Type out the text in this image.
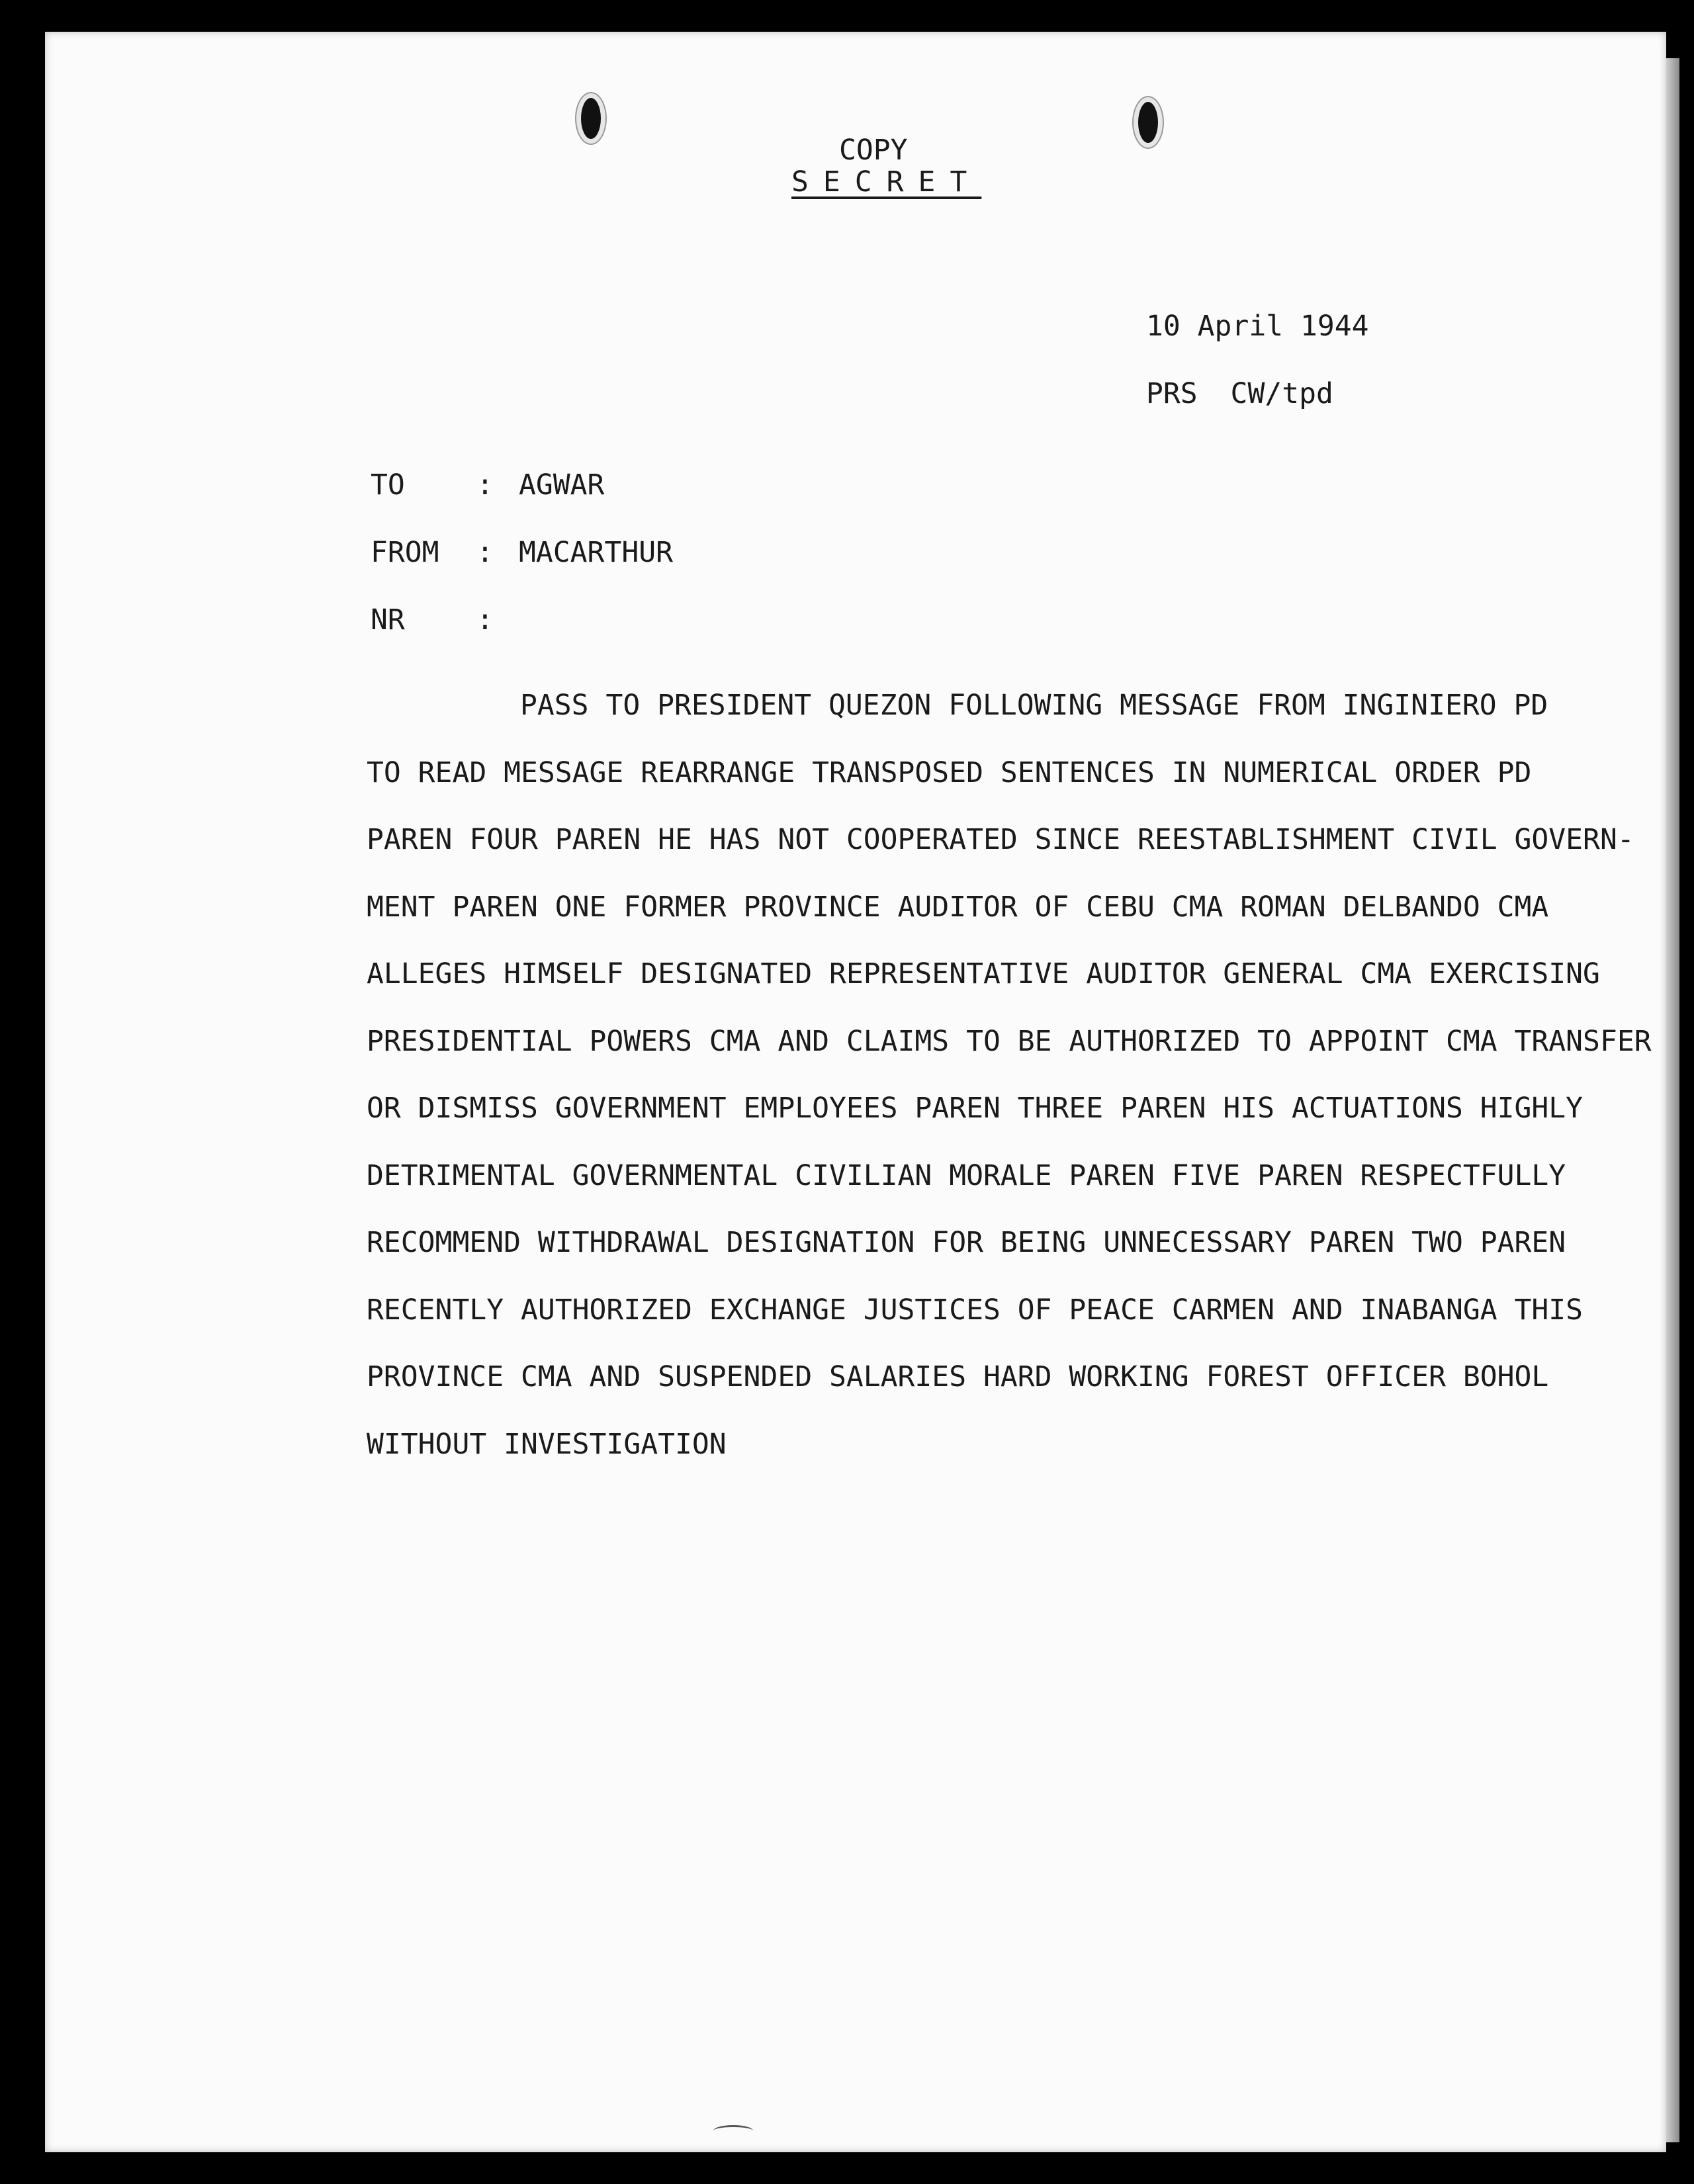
COPY

SECRET

10 April 1944

PRS CW/tpd

TO	: AGWAR

FROM : MACARTHUR

NR	:

PASS TO PRESIDENT QUEZON FOLLOWING MESSAGE FROM INGINIERO PD
TO READ MESSAGE REARRANGE TRANSPOSED SENTENCES IN NUMERICAL ORDER PD
PAREN FOUR PAREN HE HAS NOT COOPERATED SINCE REESTABLISHMENT CIVIL GOVERN-
MENT PAREN ONE FORMER PROVINCE AUDITOR OF CEBU CMA ROMAN DELBANDO CMA
ALLEGES HIMSELF DESIGNATED REPRESENTATIVE AUDITOR GENERAL CMA EXERCISING
PRESIDENTIAL POWERS CMA AND CLAIMS TO BE AUTHORIZED TO APPOINT CMA TRANSFER
OR DISMISS GOVERNMENT EMPLOYEES PAREN THREE PAREN HIS ACTUATIONS HIGHLY
DETRIMENTAL GOVERNMENTAL CIVILIAN MORALE PAREN FIVE PAREN RESPECTFULLY
RECOMMEND WITHDRAWAL DESIGNATION FOR BEING UNNECESSARY PAREN TWO PAREN
RECENTLY AUTHORIZED EXCHANGE JUSTICES OF PEACE CARMEN AND INABANGA THIS
PROVINCE CMA AND SUSPENDED SALARIES HARD WORKING FOREST OFFICER BOHOL
WITHOUT INVESTIGATION
